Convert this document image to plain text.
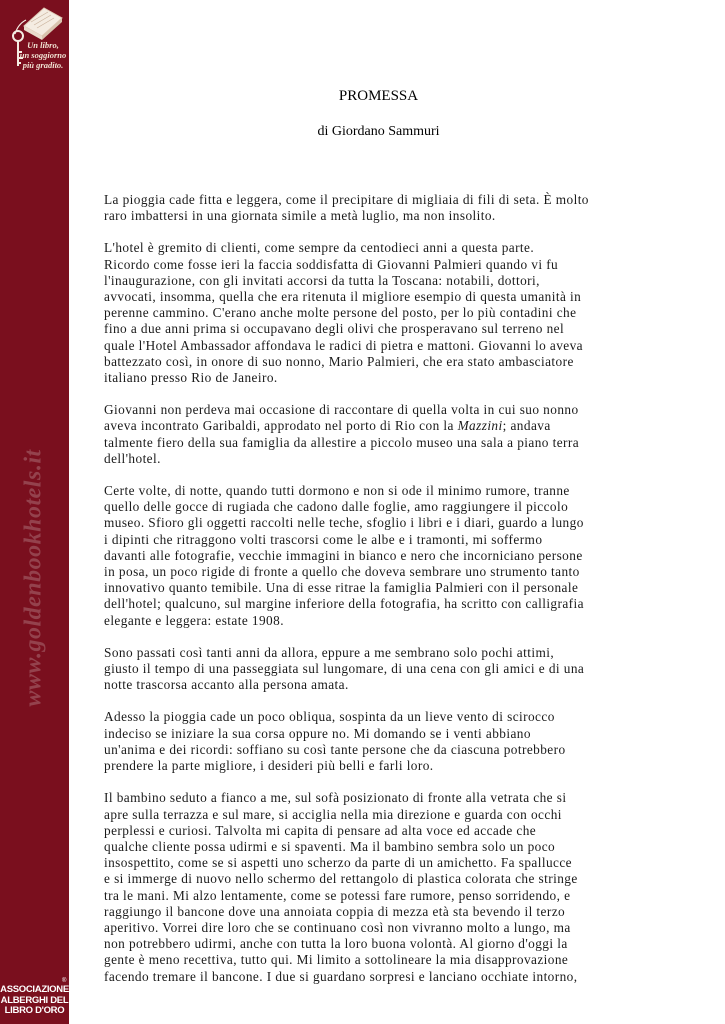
Un libro,
un soggiorno
più gradito.
www.goldenbookhotels.it
®
ASSOCIAZIONE
ALBERGHI DEL
LIBRO D'ORO
PROMESSA
di Giordano Sammuri

La pioggia cade fitta e leggera, come il precipitare di migliaia di fili di seta. È molto
raro imbattersi in una giornata simile a metà luglio, ma non insolito.

L'hotel è gremito di clienti, come sempre da centodieci anni a questa parte.
Ricordo come fosse ieri la faccia soddisfatta di Giovanni Palmieri quando vi fu
l'inaugurazione, con gli invitati accorsi da tutta la Toscana: notabili, dottori,
avvocati, insomma, quella che era ritenuta il migliore esempio di questa umanità in
perenne cammino. C'erano anche molte persone del posto, per lo più contadini che
fino a due anni prima si occupavano degli olivi che prosperavano sul terreno nel
quale l'Hotel Ambassador affondava le radici di pietra e mattoni. Giovanni lo aveva
battezzato così, in onore di suo nonno, Mario Palmieri, che era stato ambasciatore
italiano presso Rio de Janeiro.

Giovanni non perdeva mai occasione di raccontare di quella volta in cui suo nonno
aveva incontrato Garibaldi, approdato nel porto di Rio con la Mazzini; andava
talmente fiero della sua famiglia da allestire a piccolo museo una sala a piano terra
dell'hotel.

Certe volte, di notte, quando tutti dormono e non si ode il minimo rumore, tranne
quello delle gocce di rugiada che cadono dalle foglie, amo raggiungere il piccolo
museo. Sfioro gli oggetti raccolti nelle teche, sfoglio i libri e i diari, guardo a lungo
i dipinti che ritraggono volti trascorsi come le albe e i tramonti, mi soffermo
davanti alle fotografie, vecchie immagini in bianco e nero che incorniciano persone
in posa, un poco rigide di fronte a quello che doveva sembrare uno strumento tanto
innovativo quanto temibile. Una di esse ritrae la famiglia Palmieri con il personale
dell'hotel; qualcuno, sul margine inferiore della fotografia, ha scritto con calligrafia
elegante e leggera: estate 1908.

Sono passati così tanti anni da allora, eppure a me sembrano solo pochi attimi,
giusto il tempo di una passeggiata sul lungomare, di una cena con gli amici e di una
notte trascorsa accanto alla persona amata.

Adesso la pioggia cade un poco obliqua, sospinta da un lieve vento di scirocco
indeciso se iniziare la sua corsa oppure no. Mi domando se i venti abbiano
un'anima e dei ricordi: soffiano su così tante persone che da ciascuna potrebbero
prendere la parte migliore, i desideri più belli e farli loro.

Il bambino seduto a fianco a me, sul sofà posizionato di fronte alla vetrata che si
apre sulla terrazza e sul mare, si acciglia nella mia direzione e guarda con occhi
perplessi e curiosi. Talvolta mi capita di pensare ad alta voce ed accade che
qualche cliente possa udirmi e si spaventi. Ma il bambino sembra solo un poco
insospettito, come se si aspetti uno scherzo da parte di un amichetto. Fa spallucce
e si immerge di nuovo nello schermo del rettangolo di plastica colorata che stringe
tra le mani. Mi alzo lentamente, come se potessi fare rumore, penso sorridendo, e
raggiungo il bancone dove una annoiata coppia di mezza età sta bevendo il terzo
aperitivo. Vorrei dire loro che se continuano così non vivranno molto a lungo, ma
non potrebbero udirmi, anche con tutta la loro buona volontà. Al giorno d'oggi la
gente è meno recettiva, tutto qui. Mi limito a sottolineare la mia disapprovazione
facendo tremare il bancone. I due si guardano sorpresi e lanciano occhiate intorno,
